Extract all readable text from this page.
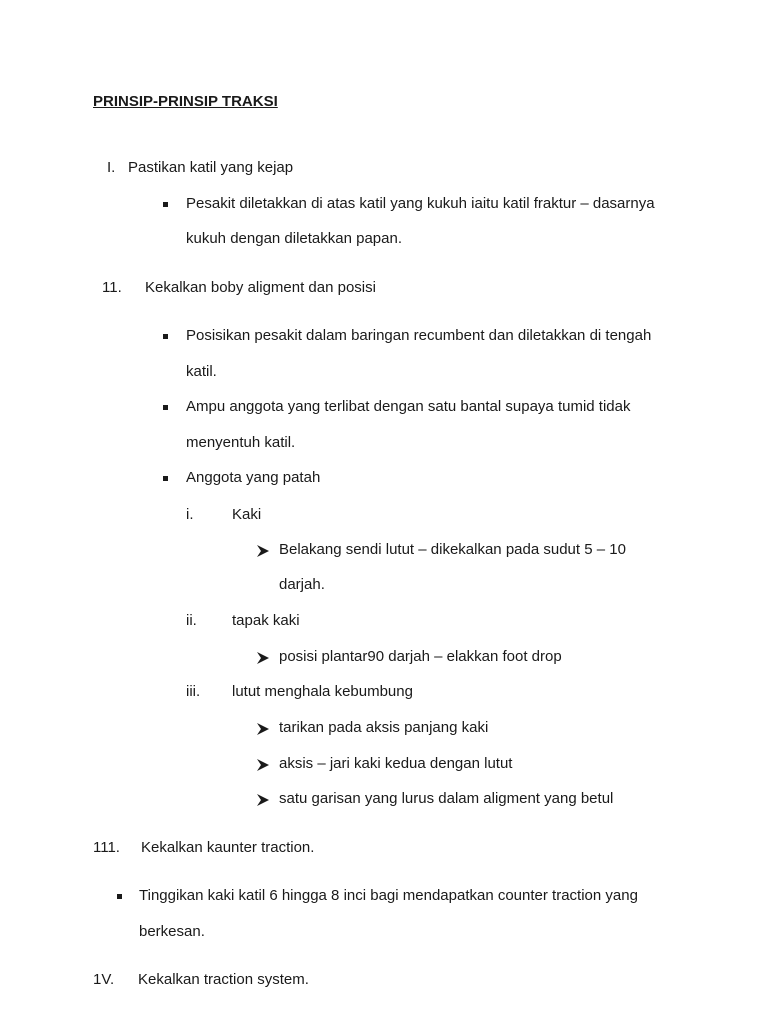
PRINSIP-PRINSIP TRAKSI
I. Pastikan katil yang kejap
Pesakit diletakkan di atas katil yang kukuh iaitu katil fraktur – dasarnya
kukuh dengan diletakkan papan.
11. Kekalkan boby aligment dan posisi
Posisikan pesakit dalam baringan recumbent dan diletakkan di tengah
katil.
Ampu anggota yang terlibat dengan satu bantal supaya tumid tidak
menyentuh katil.
Anggota yang patah
i.	Kaki
Belakang sendi lutut – dikekalkan pada sudut 5 – 10
darjah.
ii. tapak kaki
posisi plantar90 darjah – elakkan foot drop
iii. lutut menghala kebumbung
tarikan pada aksis panjang kaki
aksis – jari kaki kedua dengan lutut
satu garisan yang lurus dalam aligment yang betul
111. Kekalkan kaunter traction.
Tinggikan kaki katil 6 hingga 8 inci bagi mendapatkan counter traction yang
berkesan.
1V. Kekalkan traction system.
